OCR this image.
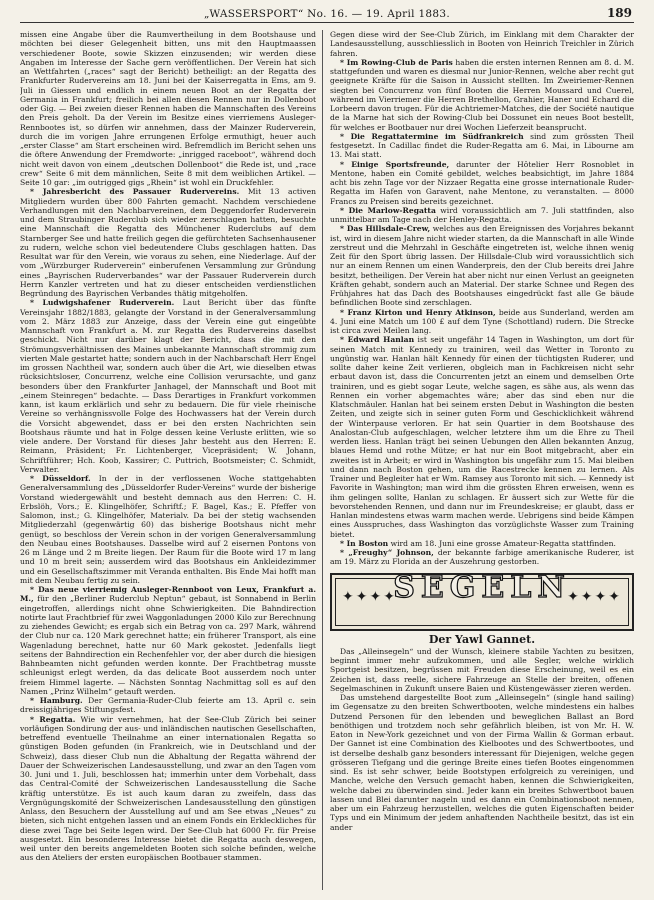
„WASSERSPORT“ No. 16. — 19. April 1883.	189

missen eine Angabe über die Raumvertheilung in dem Bootshause und möchten bei dieser Gelegenheit bitten, uns mit den Hauptmaassen verschiedener Boote, sowie Skizzen einzusenden; wir werden diese Angaben im Interesse der Sache gern veröffentlichen. Der Verein hat sich an Wettfahrten („races“ sagt der Bericht) betheiligt: an der Regatta des Frankfurter Rudervereins am 18. Juni bei der Kaiserregatta in Ems, am 9. Juli in Giessen und endlich in einem neuen Boot an der Regatta der Germania in Frankfurt; freilich bei allen diesen Rennen nur in Dollenboot oder Gig. — Bei zweien dieser Rennen haben die Mannschaften des Vereins den Preis geholt. Da der Verein im Besitze eines vierriemens Ausleger-Rennbootes ist, so dürfen wir annehmen, dass der Mainzer Ruderverein, durch die im vorigen Jahre errungenen Erfolge ermuthigt, heuer auch „erster Classe“ am Start erscheinen wird. Befremdlich im Bericht sehen uns die öftere Anwendung der Fremdworte: „inrigged raceboot“, während doch nicht weit davon von einem „deutschen Dollenboot“ die Rede ist, und „race crew“ Seite 6 mit dem männlichen, Seite 8 mit dem weiblichen Artikel. — Seite 10 gar: „im outrigged gigs „Rhein“ ist wohl ein Druckfehler.

* Jahresbericht des Passauer Rudervereins. Mit 13 activen Mitgliedern wurden über 800 Fahrten gemacht. Nachdem verschiedene Verhandlungen mit den Nachbarvereinen, dem Deggendorfer Ruderverein und dem Straubinger Ruderclub sich wieder zerschlagen hatten, besuchte eine Mannschaft die Regatta des Münchener Ruderclubs auf dem Starnberger See und hatte freilich gegen die gefürchteten Sachsenhausener zu rudern, welche schon viel bedeutendere Clubs geschlagen hatten. Das Resultat war für den Verein, wie voraus zu sehen, eine Niederlage. Auf der vom „Würzburger Ruderverein“ einberufenen Versammlung zur Gründung eines „Bayrischen Ruderverbandes“ war der Passauer Ruderverein durch Herrn Kanzler vertreten und hat zu dieser entscheiden verdienstlichen Begründung des Bayrischen Verbandes thätig mitgeholfen.

* Ludwigshafener Ruderverein. Laut Bericht über das fünfte Vereinsjahr 1882/1883, gelangte der Vorstand in der Generalversammlung vom 2. März 1883 zur Anzeige, dass der Verein eine gut eingeübte Mannschaft von Frankfurt a. M. zur Regatta des Rudervereins daselbst geschickt. Nicht nur darüber klagt der Bericht, dass die mit den Strömungsverhältnissen des Maines unbekannte Mannschaft strommig zum vierten Male gestartet hatte; sondern auch in der Nachbarschaft Herr Engel im grossen Nachtheil war, sondern auch über die Art, wie dieselben etwas rücksichtsloser, Concurrenz, welche eine Collision verursachte, und ganz besonders über den Frankfurter Janhagel, der Mannschaft und Boot mit „einem Steinregen“ bedachte. — Dass Derartiges in Frankfurt vorkommen kann, ist kaum erklärlich und sehr zu bedauern. Die für viele rheinische Vereine so verhängnissvolle Folge des Hochwassers hat der Verein durch die Vorsicht abgewendet, dass er bei den ersten Nachrichten sein Bootshaus räumte und hat in Folge dessen keine Verluste erlitten, wie so viele andere. Der Vorstand für dieses Jahr besteht aus den Herren: E. Reimann, Präsident; Fr. Lichtenberger, Vicepräsident; W. Johann, Schriftführer; Hch. Koob, Kassirer; C. Puttrich, Bootsmeister; C. Schmidt, Verwalter.

* Düsseldorf. In der in der verflossenen Woche stattgehabten Generalversammlung des „Düsseldorfer Ruder-Vereins“ wurde der bisherige Vorstand wiedergewählt und besteht demnach aus den Herren: C. H. Erbslöh, Vors.; E. Klingelhöfer, Schriftf.; F. Bagel, Kas.; E. Pfeffer von Salomon, inst.; G. Klingelhöfer, Materialv. Da bei der stetig wachsenden Mitgliederzahl (gegenwärtig 60) das bisherige Bootshaus nicht mehr genügt, so beschloss der Verein schon in der vorigen Generalversammlung den Neubau eines Bootshauses. Dasselbe wird auf 2 eisernen Pontons von 26 m Länge und 2 m Breite liegen. Der Raum für die Boote wird 17 m lang und 10 m breit sein; ausserdem wird das Bootshaus ein Ankleidezimmer und ein Gesellschaftszimmer mit Veranda enthalten. Bis Ende Mai hofft man mit dem Neubau fertig zu sein.

* Das neue vierriemig Ausleger-Rennboot von Leux, Frankfurt a. M., für den „Berliner Ruderclub Neptun“ gebaut, ist Sonnabend in Berlin eingetroffen, allerdings nicht ohne Schwierigkeiten. Die Bahndirection notirte laut Frachtbrief für zwei Waggonladungen 2000 Kilo zur Berechnung zu ziehendes Gewicht; es ergab sich ein Betrag von ca. 297 Mark, während der Club nur ca. 120 Mark gerechnet hatte; ein früherer Transport, als eine Wagenladung berechnet, hatte nur 60 Mark gekostet. Jedenfalls liegt seitens der Bahndirection ein Rechenfehler vor, der aber durch die hiesigen Bahnbeamten nicht gefunden werden konnte. Der Frachtbetrag musste schleunigst erlegt werden, da das delicate Boot ausserdem noch unter freiem Himmel lagerte. — Nächsten Sonntag Nachmittag soll es auf den Namen „Prinz Wilhelm“ getauft werden.

* Hamburg. Der Germania-Ruder-Club feierte am 13. April c. sein dreissigjähriges Stiftungsfest.

* Regatta. Wie wir vernehmen, hat der See-Club Zürich bei seiner vorläufigen Sondirung der aus- und inländischen nautischen Gesellschaften, betreffend eventuelle Theilnahme an einer internationalen Regatta so günstigen Boden gefunden (in Frankreich, wie in Deutschland und der Schweiz), dass dieser Club nun die Abhaltung der Regatta während der Dauer der Schweizerischen Landesausstellung, und zwar an den Tagen vom 30. Juni und 1. Juli, beschlossen hat; immerhin unter dem Vorbehalt, dass das Central-Comité der Schweizerischen Landesausstellung die Sache kräftig unterstütze. Es ist auch kaum daran zu zweifeln, dass das Vergnügungskomité der Schweizerischen Landesausstellung den günstigen Anlass, den Besuchern der Ausstellung auf und am See etwas „Neues“ zu bieten, sich nicht entgehen lassen und an einem Fonds ein Erkleckliches für diese zwei Tage bei Seite legen wird. Der See-Club hat 6000 Fr. für Preise ausgesetzt. Ein besonderes Interesse bietet die Regatta auch deswegen, weil unter den bereits angemeldeten Booten sich solche befinden, welche aus den Ateliers der ersten europäischen Bootbauer stammen.

Gegen diese wird der See-Club Zürich, im Einklang mit dem Charakter der Landesausstellung, ausschliesslich in Booten von Heinrich Treichler in Zürich fahren.

* Im Rowing-Club de Paris haben die ersten internen Rennen am 8. d. M. stattgefunden und waren es diesmal nur Junior-Rennen, welche aber recht gut geeignete Kräfte für die Saison in Aussicht stellten. Im Zweiriemer-Rennen siegten bei Concurrenz von fünf Booten die Herren Moussard und Cuerel, während im Vierriemer die Herren Brethellon, Grahier, Haner und Echard die Lorbeern davon trugen. Für die Achtriemer-Matches, die der Société nautique de la Marne hat sich der Rowing-Club bei Dossunet ein neues Boot bestellt, für welches er Bootbauer nur drei Wochen Lieferzeit beansprucht.

* Die Regattatermine im Südfrankreich sind zum grössten Theil festgesetzt. In Cadillac findet die Ruder-Regatta am 6. Mai, in Libourne am 13. Mai statt.

* Einige Sportsfreunde, darunter der Hôtelier Herr Rosnoblet in Mentone, haben ein Comité gebildet, welches beabsichtigt, im Jahre 1884 acht bis zehn Tage vor der Nizzaer Regatta eine grosse internationale Ruder-Regatta im Hafen von Garavent, nahe Mentone, zu veranstalten. — 8000 Francs zu Preisen sind bereits gezeichnet.

* Die Marlow-Regatta wird voraussichtlich am 7. Juli stattfinden, also unmittelbar am Tage nach der Henley-Regatta.

* Das Hillsdale-Crew, welches aus den Ereignissen des Vorjahres bekannt ist, wird in diesem Jahre nicht wieder starten, da die Mannschaft in alle Winde zerstreut und die Mehrzahl in Geschäfte eingetreten ist, welche ihnen wenig Zeit für den Sport übrig lassen. Der Hillsdale-Club wird voraussichtlich sich nur an einem Rennen um einen Wanderpreis, den der Club bereits drei Jahre besitzt, betheiligen. Der Verein hat aber nicht nur einen Verlust an geeigneten Kräften gehabt, sondern auch an Material. Der starke Schnee und Regen des Frühjahres hat das Dach des Bootshauses eingedrückt fast alle Ge bäude befindlichen Boote sind zerschlagen.

* Franz Kirton und Henry Atkinson, beide aus Sunderland, werden am 4. Juni eine Match um 100 £ auf dem Tyne (Schottland) rudern. Die Strecke ist circa zwei Meilen lang.

* Edward Hanlan ist seit ungefähr 14 Tagen in Washington, um dort für seinen Match mit Kennedy zu trainiren, weil das Wetter in Toronto zu ungünstig war. Hanlan hält Kennedy für einen der tüchtigsten Ruderer, und sollte daher keine Zeit verlieren, obgleich man in Fachkreisen nicht sehr erbaut davon ist, dass die Concurrenten jetzt an einem und demselben Orte trainiren, und es giebt sogar Leute, welche sagen, es sähe aus, als wenn das Rennen ein vorher abgemachtes wäre; aber das sind eben nur die Klatschmäuler. Hanlan hat bei seinem ersten Debut in Washington die besten Zeiten, und zeigte sich in seiner guten Form und Geschicklichkeit während der Winterpause verloren. Er hat sein Quartier in dem Bootshause des Analostan-Club aufgeschlagen, welcher letztere ihm um die Ehre zu Theil werden liess. Hanlan trägt bei seinen Uebungen den Allen bekannten Anzug, blaues Hemd und rothe Mütze; er hat nur ein Boot mitgebracht, aber ein zweites ist in Arbeit; er wird in Washington bis ungefähr zum 15. Mai bleiben und dann nach Boston gehen, um die Racestrecke kennen zu lernen. Als Trainer und Begleiter hat er Wm. Ramsey aus Toronto mit sich. — Kennedy ist Favorite in Washington; man wird ihm die grössten Ehren erweisen, wenn es ihm gelingen sollte, Hanlan zu schlagen. Er äussert sich zur Wette für die bevorstehenden Rennen, und dann nur im Freundeskreise; er glaubt, dass er Hanlan mindestens etwas warm machen werde. Uebrigens sind beide Kämpen eines Ausspruches, dass Washington das vorzüglichste Wasser zum Training bietet.

* In Boston wird am 18. Juni eine grosse Amateur-Regatta stattfinden.

* „Freughy“ Johnson, der bekannte farbige amerikanische Ruderer, ist am 19. März zu Florida an der Auszehrung gestorben.

✦✦✦✦
SEGELN
✦✦✦✦
Der Yawl Gannet.

Das „Alleinsegeln“ und der Wunsch, kleinere stabile Yachten zu besitzen, beginnt immer mehr aufzukommen, und alle Segler, welche wirklich Sportgeist besitzen, begrüssen mit Freuden diese Erscheinung, weil es ein Zeichen ist, dass reelle, sichere Fahrzeuge an Stelle der breiten, offenen Segelmaschinen in Zukunft unsere Baien und Küstengewässer zieren werden.

Das umstehend dargestellte Boot zum „Alleinsegeln“ (single hand sailing) im Gegensatze zu den breiten Schwertbooten, welche mindestens ein halbes Dutzend Personen für den lebenden und beweglichen Ballast an Bord benöthigen und trotzdem noch sehr gefährlich bleiben, ist von Mr. H. W. Eaton in New-York gezeichnet und von der Firma Wallin & Gorman erbaut. Der Gannet ist eine Combination des Kielbootes und des Schwertbootes, und ist derselbe deshalb ganz besonders interessant für Diejenigen, welche gegen grösseren Tiefgang und die geringe Breite eines tiefen Bootes eingenommen sind. Es ist sehr schwer, beide Bootstypen erfolgreich zu vereinigen, und Manche, welche den Versuch gemacht haben, kennen die Schwierigkeiten, welche dabei zu überwinden sind. Jeder kann ein breites Schwertboot bauen lassen und Blei darunter nageln und es dann ein Combinationsboot nennen, aber um ein Fahrzeug herzustellen, welches die guten Eigenschaften beider Typs und ein Minimum der jedem anhaftenden Nachtheile besitzt, das ist ein ander
